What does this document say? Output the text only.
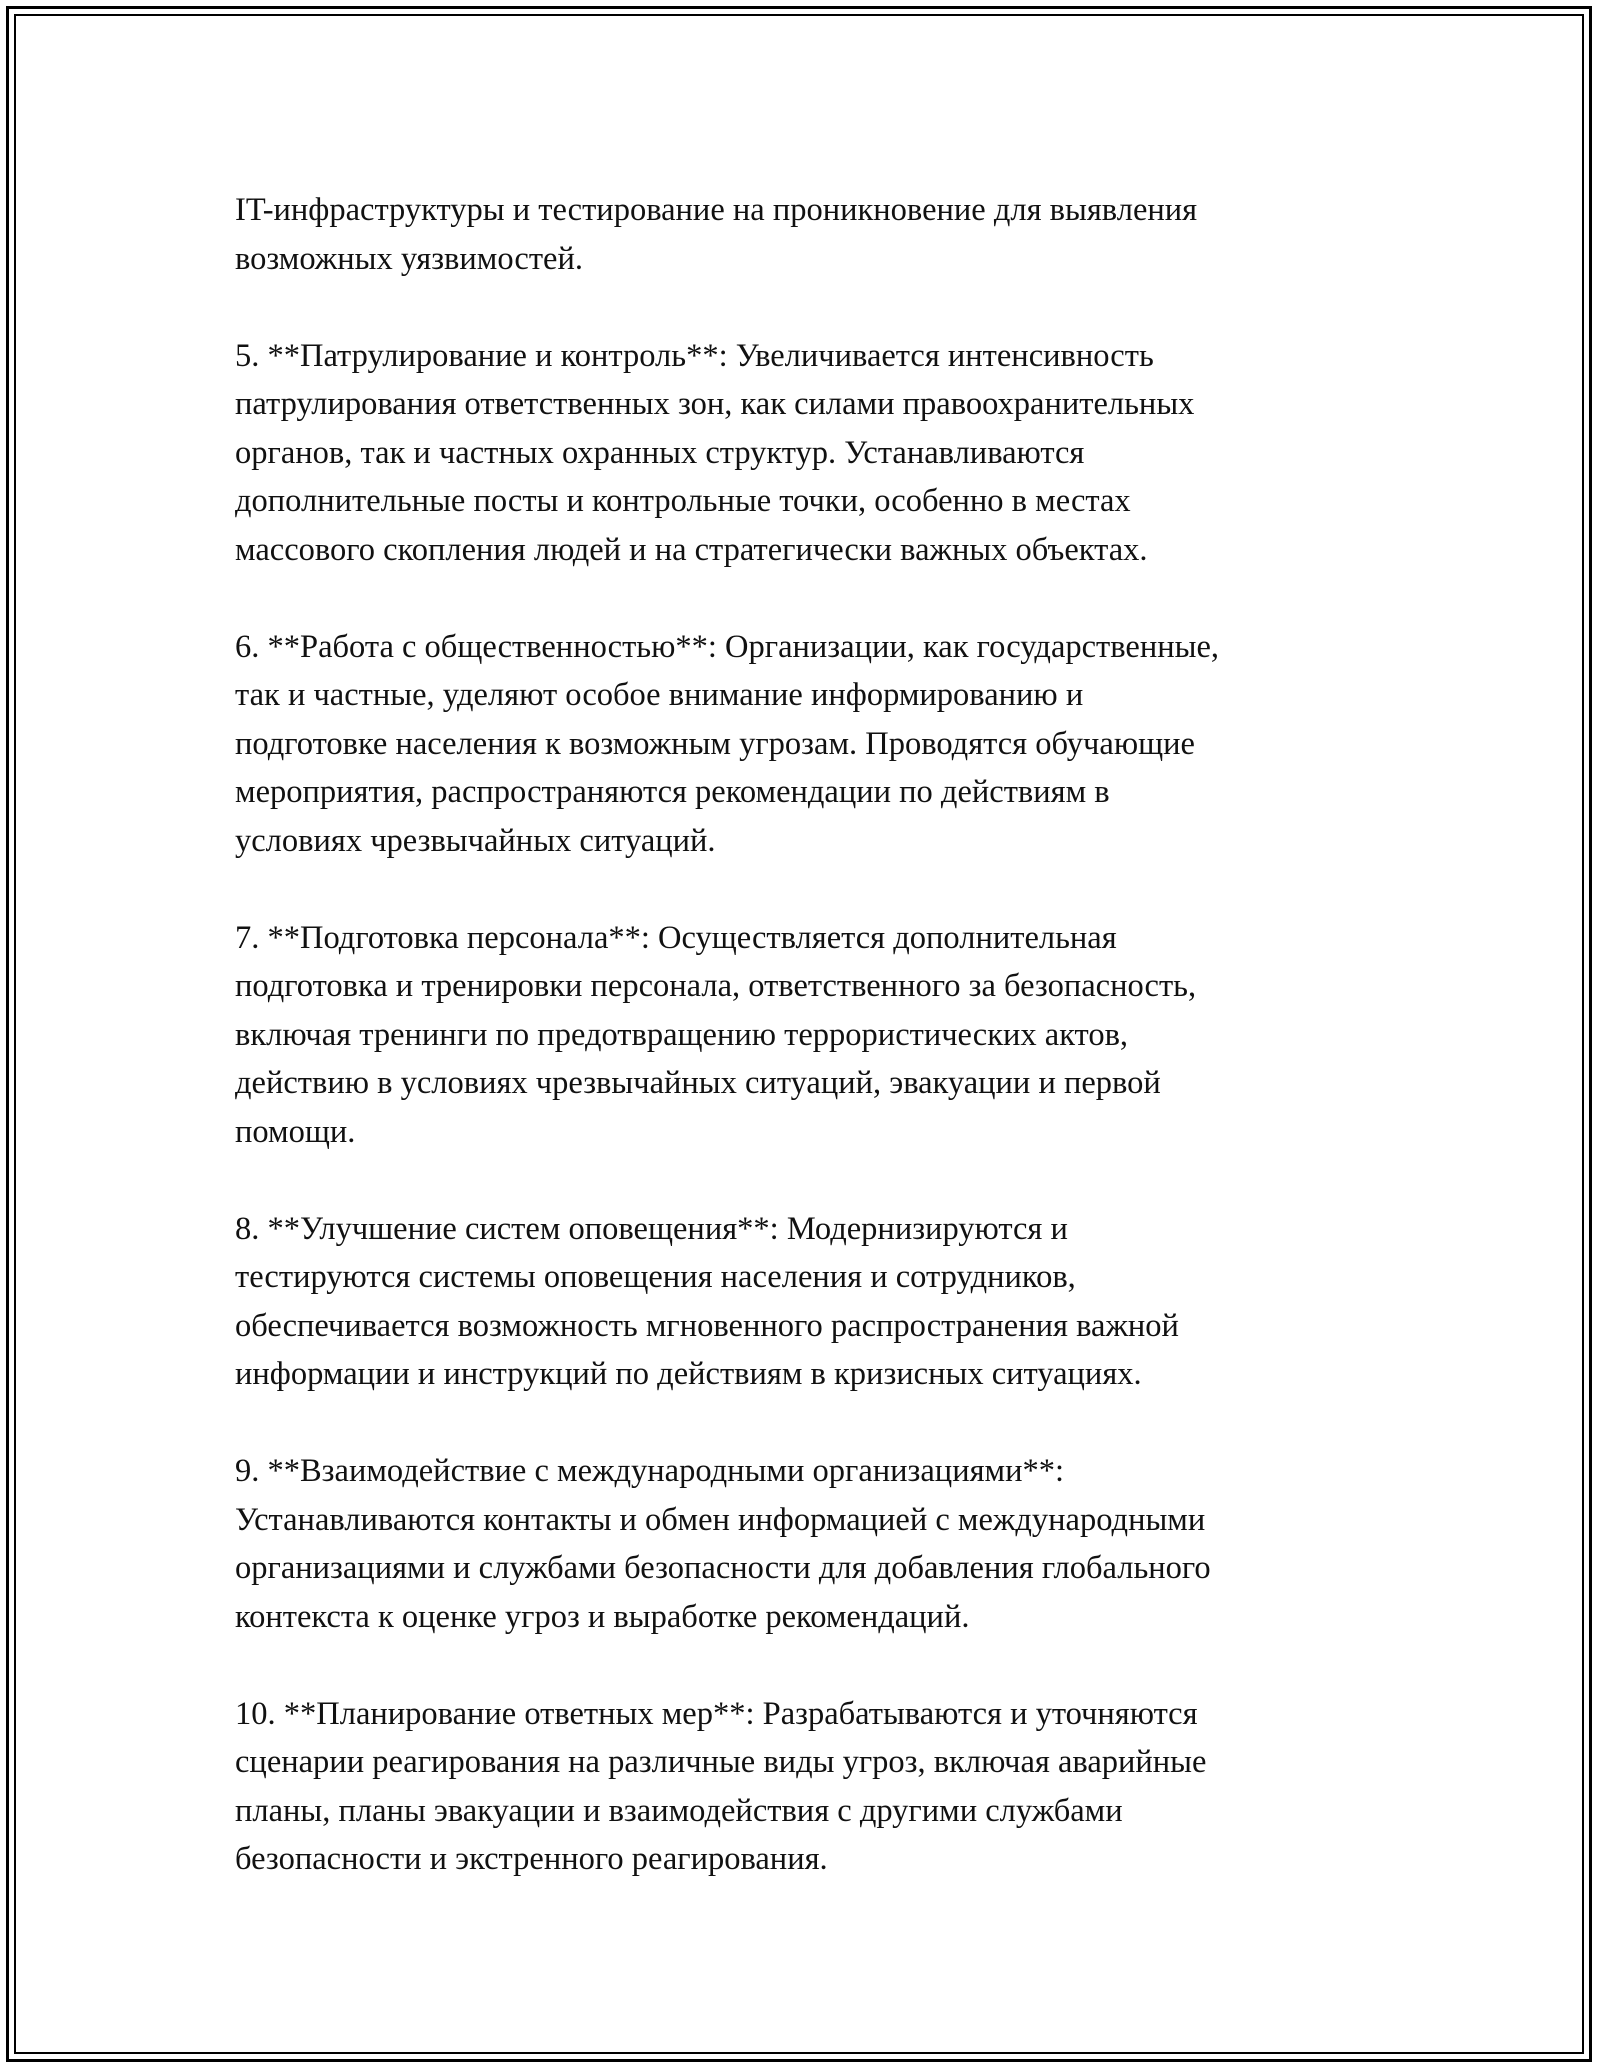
IT-инфраструктуры и тестирование на проникновение для выявления
возможных уязвимостей.

5. **Патрулирование и контроль**: Увеличивается интенсивность
патрулирования ответственных зон, как силами правоохранительных
органов, так и частных охранных структур. Устанавливаются
дополнительные посты и контрольные точки, особенно в местах
массового скопления людей и на стратегически важных объектах.

6. **Работа с общественностью**: Организации, как государственные,
так и частные, уделяют особое внимание информированию и
подготовке населения к возможным угрозам. Проводятся обучающие
мероприятия, распространяются рекомендации по действиям в
условиях чрезвычайных ситуаций.

7. **Подготовка персонала**: Осуществляется дополнительная
подготовка и тренировки персонала, ответственного за безопасность,
включая тренинги по предотвращению террористических актов,
действию в условиях чрезвычайных ситуаций, эвакуации и первой
помощи.

8. **Улучшение систем оповещения**: Модернизируются и
тестируются системы оповещения населения и сотрудников,
обеспечивается возможность мгновенного распространения важной
информации и инструкций по действиям в кризисных ситуациях.

9. **Взаимодействие с международными организациями**:
Устанавливаются контакты и обмен информацией с международными
организациями и службами безопасности для добавления глобального
контекста к оценке угроз и выработке рекомендаций.

10. **Планирование ответных мер**: Разрабатываются и уточняются
сценарии реагирования на различные виды угроз, включая аварийные
планы, планы эвакуации и взаимодействия с другими службами
безопасности и экстренного реагирования.
